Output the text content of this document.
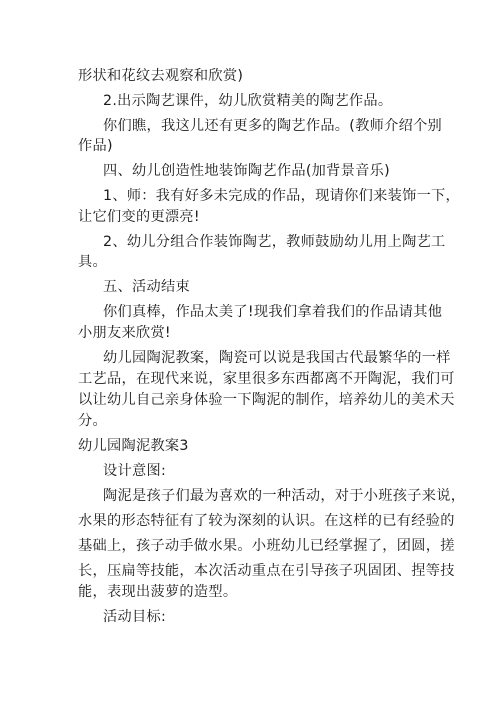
形状和花纹去观察和欣赏)
2.出示陶艺课件，幼儿欣赏精美的陶艺作品。
你们瞧，我这儿还有更多的陶艺作品。(教师介绍个别
作品)
四、幼儿创造性地装饰陶艺作品(加背景音乐)
1、师：我有好多未完成的作品，现请你们来装饰一下，
让它们变的更漂亮!
2、幼儿分组合作装饰陶艺，教师鼓励幼儿用上陶艺工
具。
五、活动结束
你们真棒，作品太美了!现我们拿着我们的作品请其他
小朋友来欣赏!
幼儿园陶泥教案，陶瓷可以说是我国古代最繁华的一样
工艺品，在现代来说，家里很多东西都离不开陶泥，我们可
以让幼儿自己亲身体验一下陶泥的制作，培养幼儿的美术天
分。
幼儿园陶泥教案3
设计意图:
陶泥是孩子们最为喜欢的一种活动，对于小班孩子来说，
水果的形态特征有了较为深刻的认识。在这样的已有经验的
基础上，孩子动手做水果。小班幼儿已经掌握了，团圆，搓
长，压扁等技能，本次活动重点在引导孩子巩固团、捏等技
能，表现出菠萝的造型。
活动目标:
